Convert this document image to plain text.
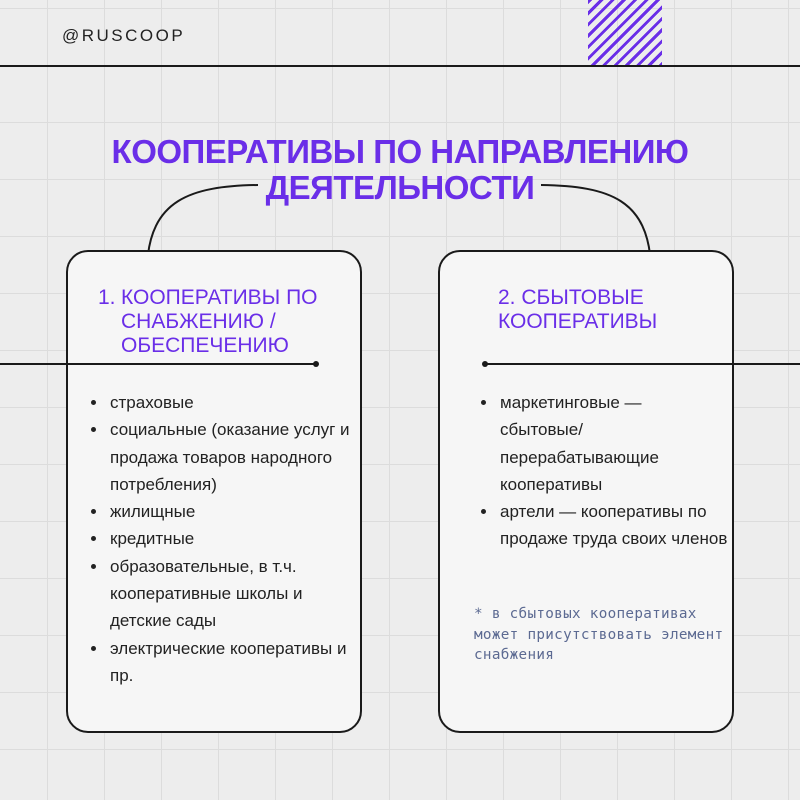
@RUSCOOP
КООПЕРАТИВЫ ПО НАПРАВЛЕНИЮ
ДЕЯТЕЛЬНОСТИ
1. КООПЕРАТИВЫ ПО СНАБЖЕНИЮ / ОБЕСПЕЧЕНИЮ
страховые
социальные (оказание услуг и продажа товаров народного потребления)
жилищные
кредитные
образовательные, в т.ч. кооперативные школы и детские сады
электрические кооперативы и пр.
2. СБЫТОВЫЕ КООПЕРАТИВЫ
маркетинговые — сбытовые/ перерабатывающие кооперативы
артели — кооперативы по продаже труда своих членов
* в сбытовых кооперативах может присутствовать элемент снабжения
